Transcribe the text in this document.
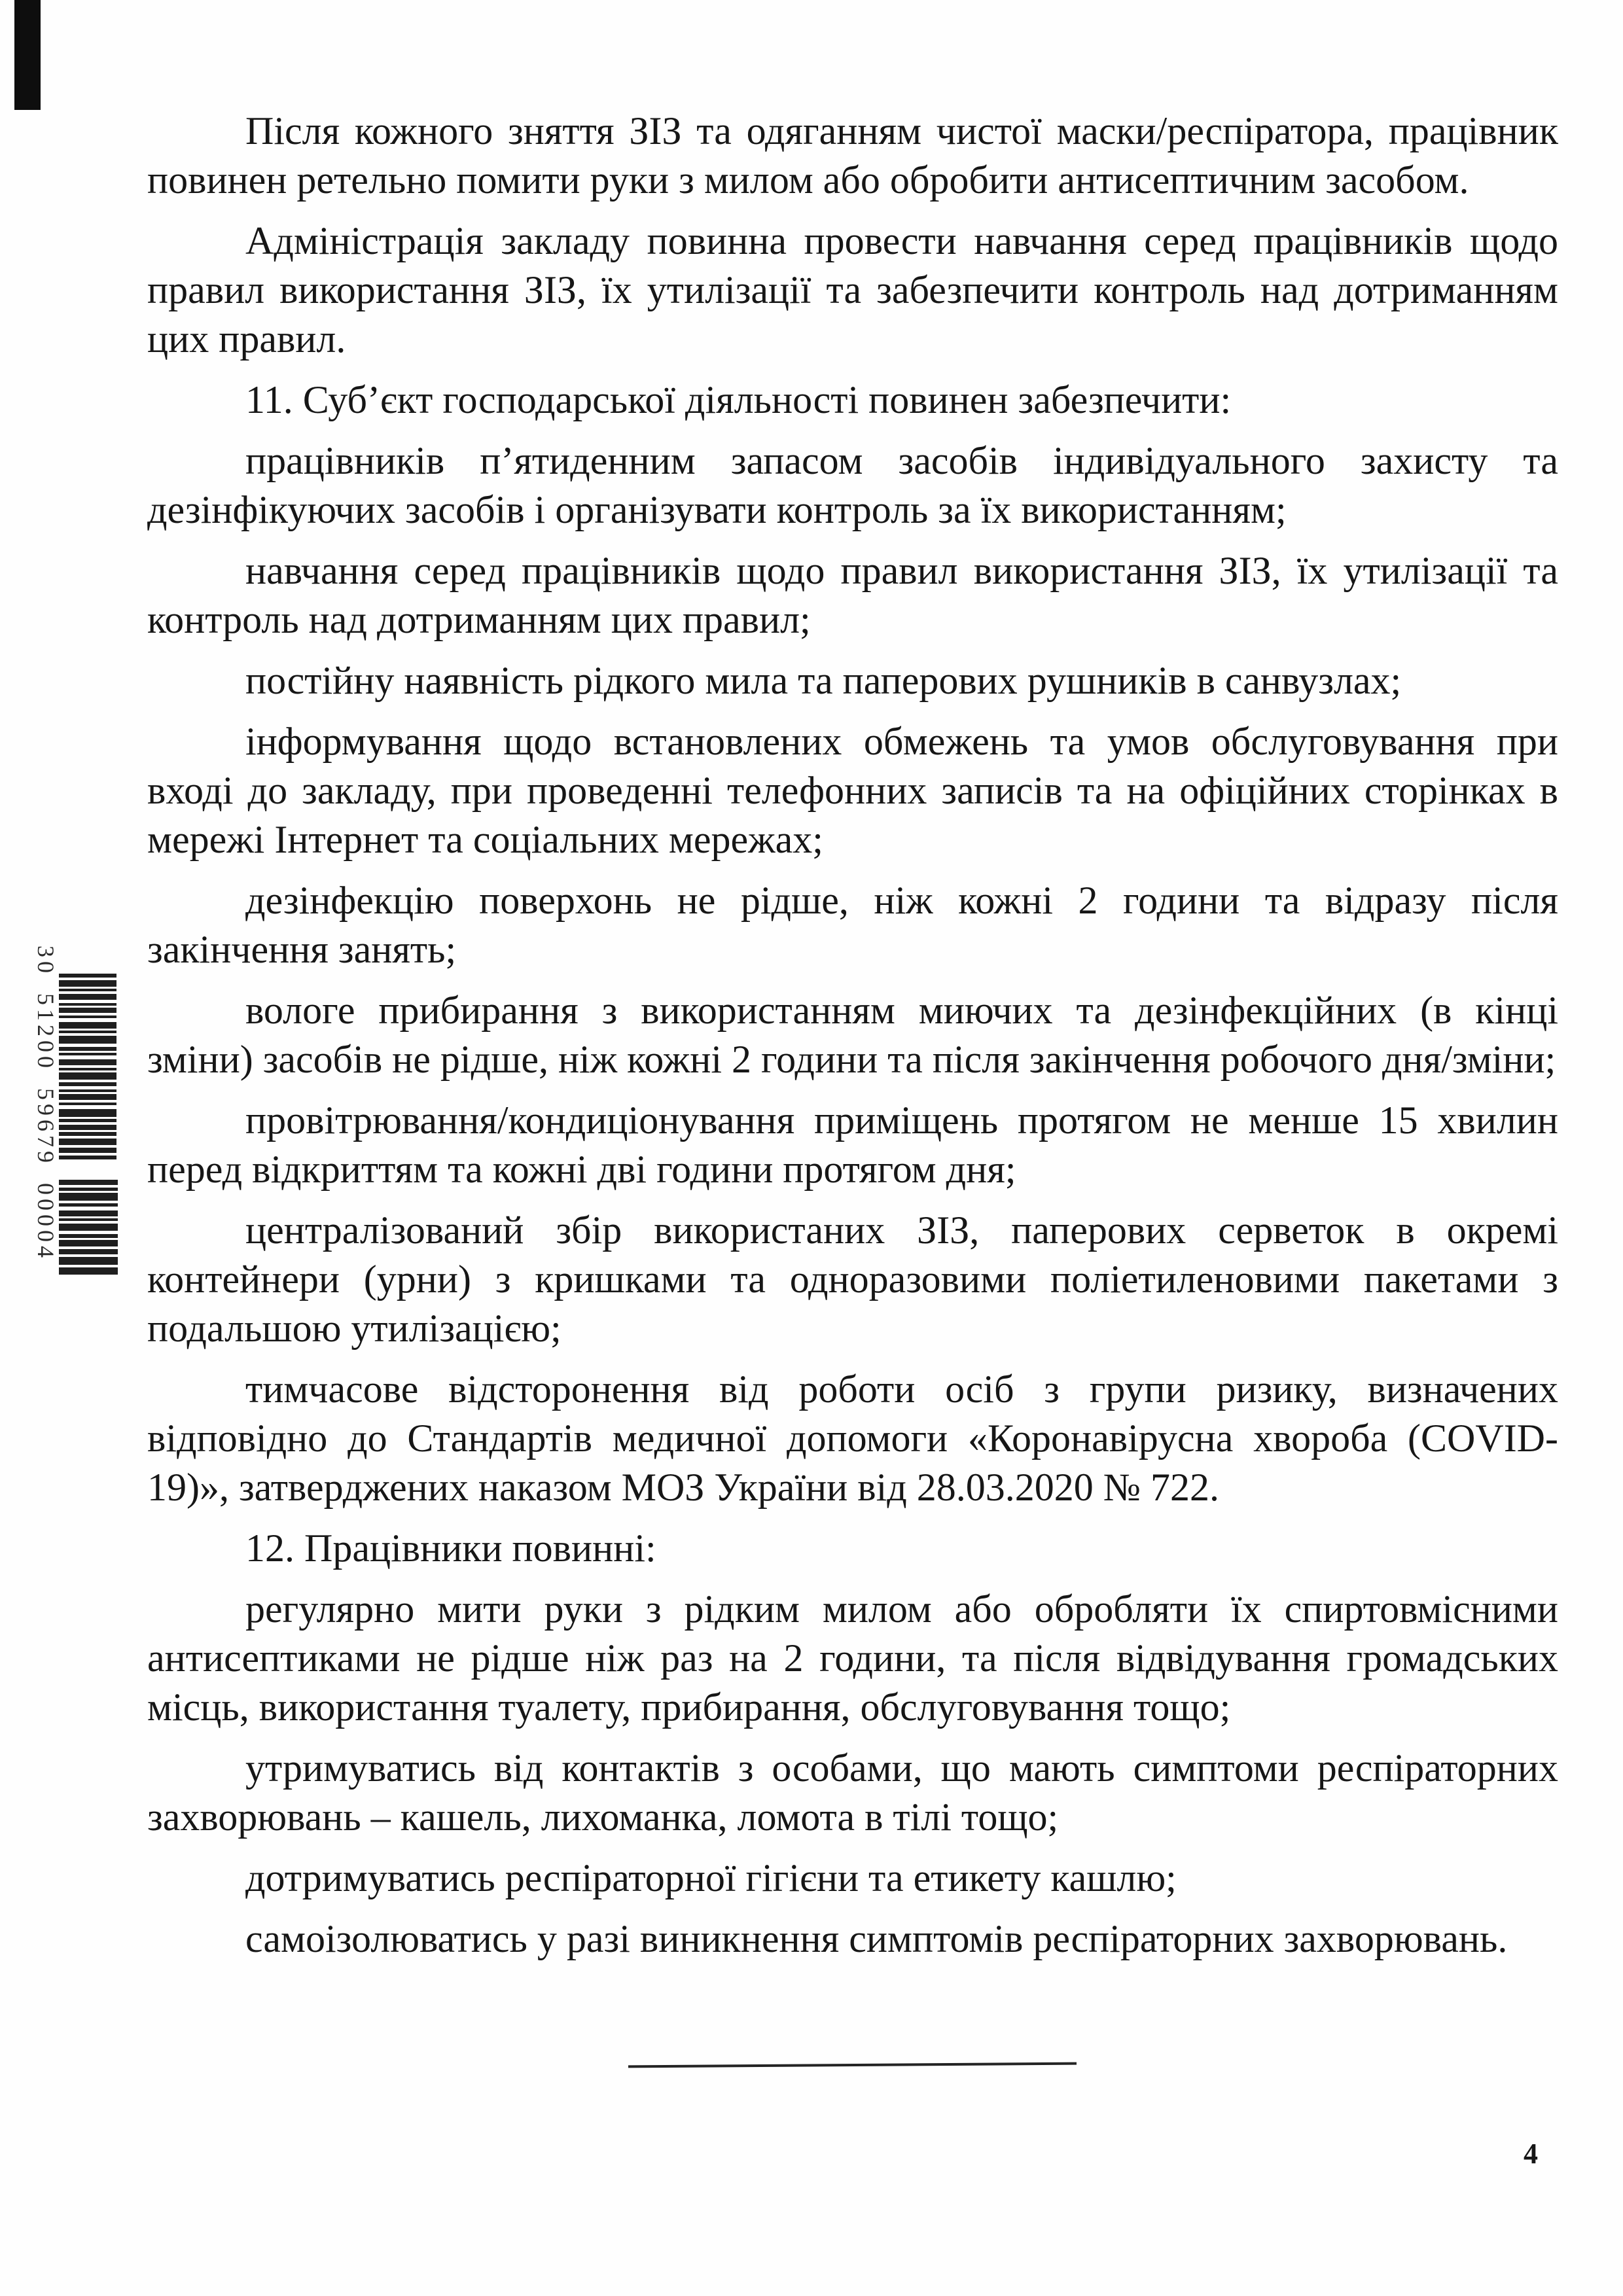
30 51200 59679
00004

Після кожного зняття ЗІЗ та одяганням чистої маски/респіратора, працівник повинен ретельно помити руки з милом або обробити антисептичним засобом.

Адміністрація закладу повинна провести навчання серед працівників щодо правил використання ЗІЗ, їх утилізації та забезпечити контроль над дотриманням цих правил.

11. Суб’єкт господарської діяльності повинен забезпечити:

працівників п’ятиденним запасом засобів індивідуального захисту та дезінфікуючих засобів і організувати контроль за їх використанням;

навчання серед працівників щодо правил використання ЗІЗ, їх утилізації та контроль над дотриманням цих правил;

постійну наявність рідкого мила та паперових рушників в санвузлах;

інформування щодо встановлених обмежень та умов обслуговування при вході до закладу, при проведенні телефонних записів та на офіційних сторінках в мережі Інтернет та соціальних мережах;

дезінфекцію поверхонь не рідше, ніж кожні 2 години та відразу після закінчення занять;

вологе прибирання з використанням миючих та дезінфекційних (в кінці зміни) засобів не рідше, ніж кожні 2 години та після закінчення робочого дня/зміни;

провітрювання/кондиціонування приміщень протягом не менше 15 хвилин перед відкриттям та кожні дві години протягом дня;

централізований збір використаних ЗІЗ, паперових серветок в окремі контейнери (урни) з кришками та одноразовими поліетиленовими пакетами з подальшою утилізацією;

тимчасове відсторонення від роботи осіб з групи ризику, визначених відповідно до Стандартів медичної допомоги «Коронавірусна хвороба (COVID-19)», затверджених наказом МОЗ України від 28.03.2020 № 722.

12. Працівники повинні:

регулярно мити руки з рідким милом або обробляти їх спиртовмісними антисептиками не рідше ніж раз на 2 години, та після відвідування громадських місць, використання туалету, прибирання, обслуговування тощо;

утримуватись від контактів з особами, що мають симптоми респіраторних захворювань – кашель, лихоманка, ломота в тілі тощо;

дотримуватись респіраторної гігієни та етикету кашлю;

самоізолюватись у разі виникнення симптомів респіраторних захворювань.

4
